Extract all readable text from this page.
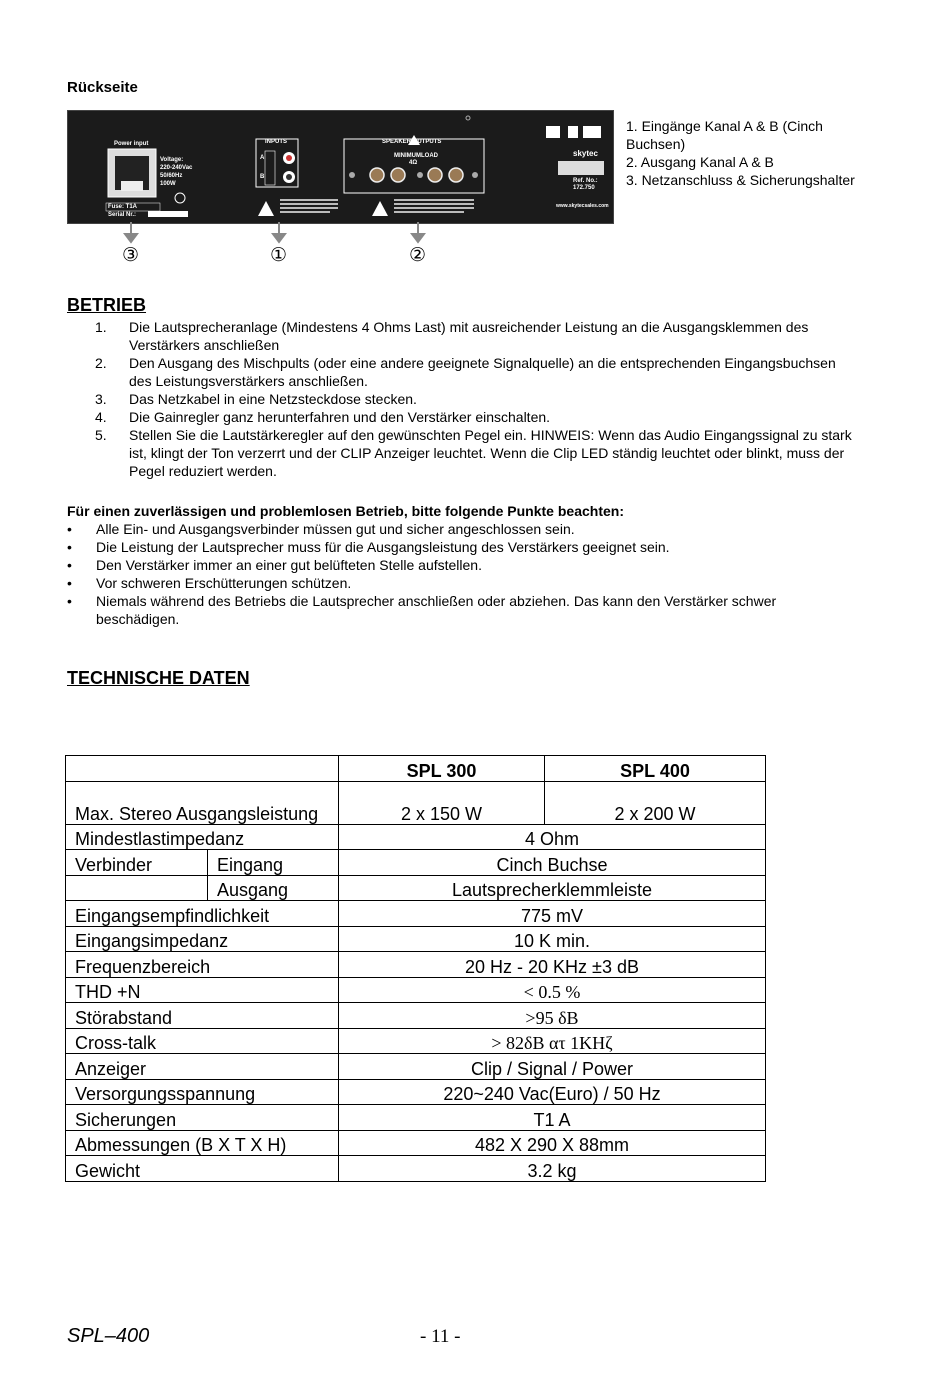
Rückseite
Power input
Voltage:
220-240Vac
50/60Hz
100W
Fuse: T1A
Serial Nr.:
INPUTS
A
B
SPEAKER OUTPUTS
MINIMUMLOAD
4Ω
skytec
Ref. No.:
172.750
www.skytecsales.com
③	①	②
1. Eingänge Kanal A & B (Cinch Buchsen)
2. Ausgang Kanal A & B
3. Netzanschluss & Sicherungshalter
BETRIEB
1.	Die Lautsprecheranlage (Mindestens 4 Ohms Last) mit ausreichender Leistung an die Ausgangsklemmen des Verstärkers anschließen
2.	Den Ausgang des Mischpults (oder eine andere geeignete Signalquelle) an die entsprechenden Eingangsbuchsen des Leistungsverstärkers anschließen.
3.	Das Netzkabel in eine Netzsteckdose stecken.
4.	Die Gainregler ganz herunterfahren und den Verstärker einschalten.
5.	Stellen Sie die Lautstärkeregler auf den gewünschten Pegel ein. HINWEIS: Wenn das Audio Eingangssignal zu stark ist, klingt der Ton verzerrt und der CLIP Anzeiger leuchtet. Wenn die Clip LED ständig leuchtet oder blinkt, muss der Pegel reduziert werden.
Für einen zuverlässigen und problemlosen Betrieb, bitte folgende Punkte beachten:
•	Alle Ein- und Ausgangsverbinder müssen gut und sicher angeschlossen sein.
•	Die Leistung der Lautsprecher muss für die Ausgangsleistung des Verstärkers geeignet sein.
•	Den Verstärker immer an einer gut belüfteten Stelle aufstellen.
•	Vor schweren Erschütterungen schützen.
•	Niemals während des Betriebs die Lautsprecher anschließen oder abziehen. Das kann den Verstärker schwer beschädigen.
TECHNISCHE DATEN
		SPL 300	SPL 400
Max. Stereo Ausgangsleistung		2 x 150 W	2 x 200 W
Mindestlastimpedanz		4 Ohm	
Verbinder	Eingang	Cinch Buchse	
	Ausgang	Lautsprecherklemmleiste	
Eingangsempfindlichkeit		775 mV	
Eingangsimpedanz		10 K min.	
Frequenzbereich		20 Hz - 20 KHz ±3 dB	
THD +N		< 0.5 %	
Störabstand		>95 δB	
Cross-talk		> 82δB ατ 1KHζ	
Anzeiger		Clip / Signal / Power	
Versorgungsspannung		220~240 Vac(Euro) / 50 Hz	
Sicherungen		T1 A	
Abmessungen (B X T X H)		482 X 290 X 88mm	
Gewicht		3.2 kg	
SPL–400	- 11 -
